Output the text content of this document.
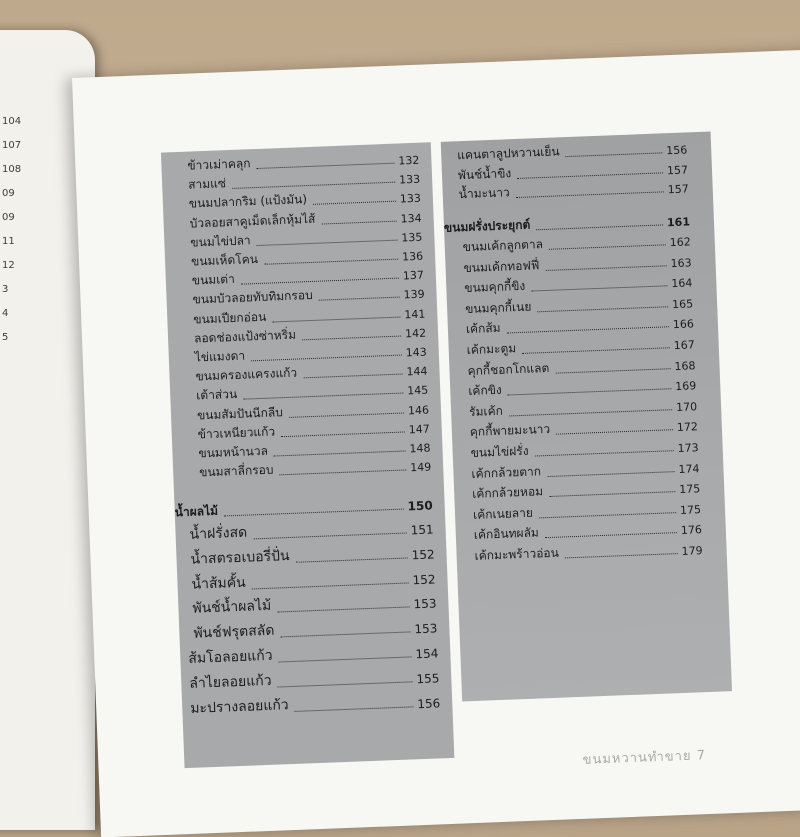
104
107
108
09
09
11
12
3
4
5
ข้าวเม่าคลุก	132
สามแซ่	133
ขนมปลากริม (แป้งมัน)	133
บัวลอยสาคูเม็ดเล็กหุ้มไส้	134
ขนมไข่ปลา	135
ขนมเห็ดโคน	136
ขนมเต่า	137
ขนมบัวลอยทับทิมกรอบ	139
ขนมเปียกอ่อน	141
ลอดช่องแป้งซ่าหริ่ม	142
ไข่แมงดา	143
ขนมครองแครงแก้ว	144
เต้าส่วน	145
ขนมสัมปันนีกลีบ	146
ข้าวเหนียวแก้ว	147
ขนมหน้านวล	148
ขนมสาลี่กรอบ	149
น้ำผลไม้	150
น้ำฝรั่งสด	151
น้ำสตรอเบอรี่ปั่น	152
น้ำส้มคั้น	152
พันช์น้ำผลไม้	153
พันช์ฟรุตสลัด	153
ส้มโอลอยแก้ว	154
ลำไยลอยแก้ว	155
มะปรางลอยแก้ว	156
แคนตาลูปหวานเย็น	156
พันช์น้ำขิง	157
น้ำมะนาว	157
ขนมฝรั่งประยุกต์	161
ขนมเค้กลูกตาล	162
ขนมเค้กทอฟฟี่	163
ขนมคุกกี้ขิง	164
ขนมคุกกี้เนย	165
เค้กส้ม	166
เค้กมะตูม	167
คุกกี้ชอกโกแลต	168
เค้กขิง	169
รัมเค้ก	170
คุกกี้พายมะนาว	172
ขนมไข่ฝรั่ง	173
เค้กกล้วยตาก	174
เค้กกล้วยหอม	175
เค้กเนยลาย	175
เค้กอินทผลัม	176
เค้กมะพร้าวอ่อน	179
ขนมหวานทำขาย 7
